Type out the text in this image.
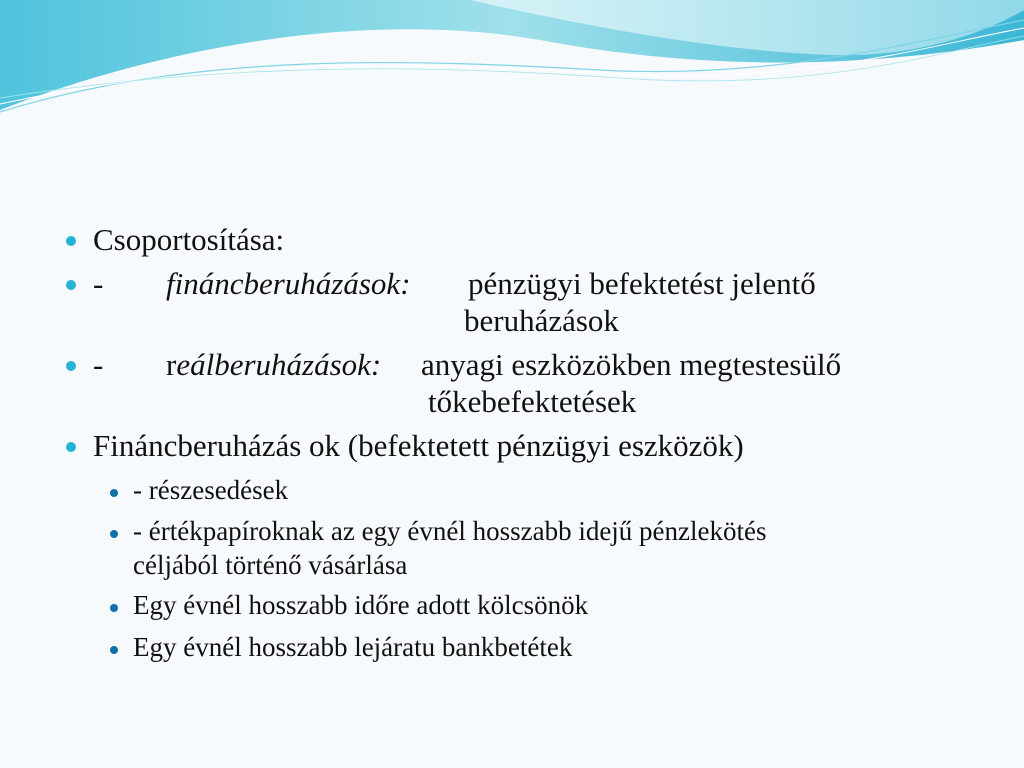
Csoportosítása:
- fináncberuházások: pénzügyi befektetést jelentő
beruházások
- reálberuházások: anyagi eszközökben megtestesülő
tőkebefektetések
Fináncberuházás ok (befektetett pénzügyi eszközök)
- részesedések
- értékpapíroknak az egy évnél hosszabb idejű pénzlekötés
céljából történő vásárlása
Egy évnél hosszabb időre adott kölcsönök
Egy évnél hosszabb lejáratu bankbetétek
